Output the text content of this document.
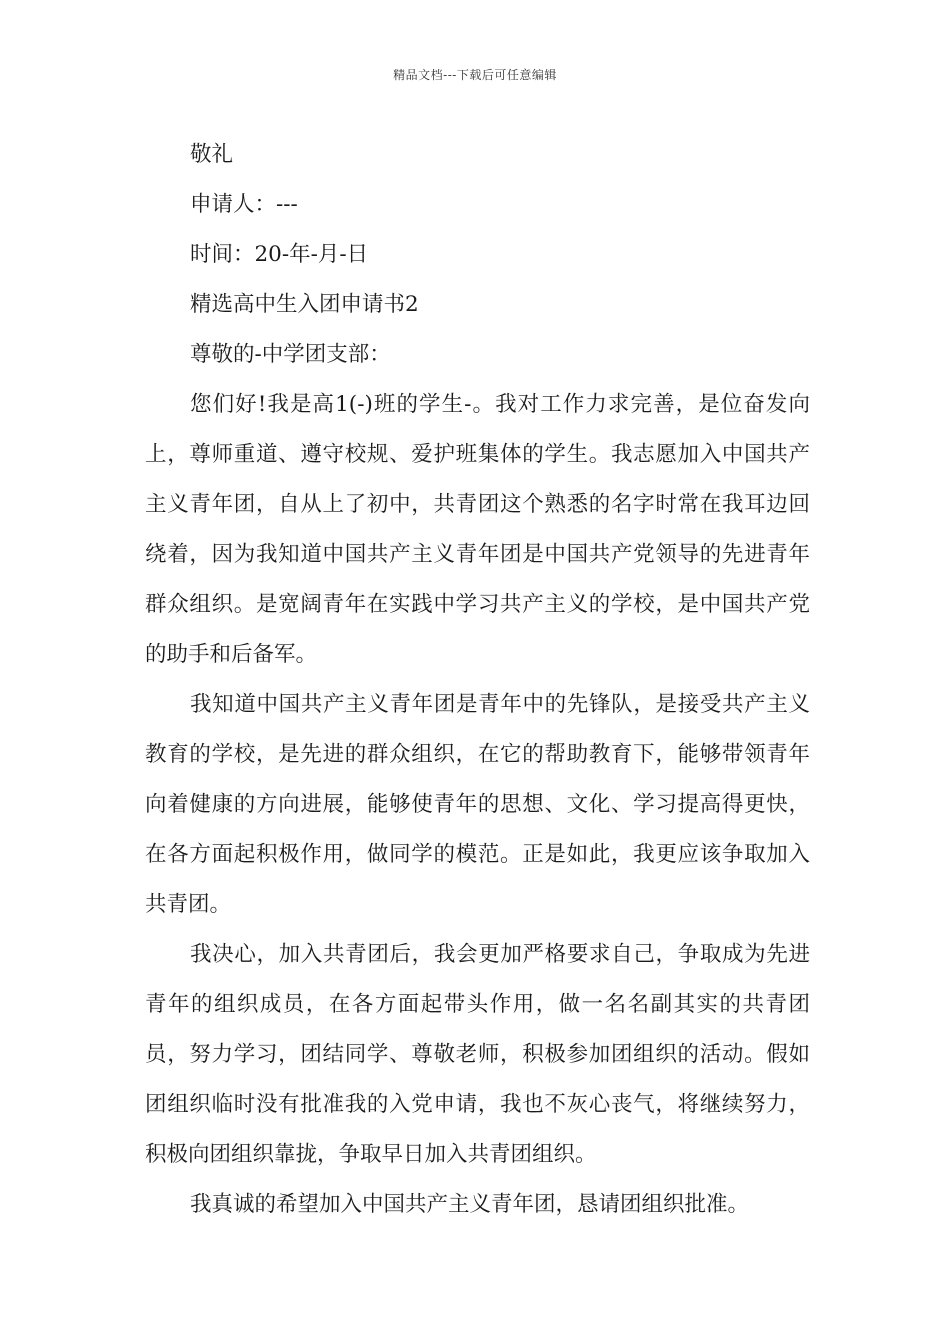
精品文档---下载后可任意编辑

敬礼

申请人：---

时间：20-年-月-日

精选高中生入团申请书2

尊敬的-中学团支部：

您们好!我是高1(-)班的学生-。我对工作力求完善，是位奋发向上，尊师重道、遵守校规、爱护班集体的学生。我志愿加入中国共产主义青年团，自从上了初中，共青团这个熟悉的名字时常在我耳边回绕着，因为我知道中国共产主义青年团是中国共产党领导的先进青年群众组织。是宽阔青年在实践中学习共产主义的学校，是中国共产党的助手和后备军。

我知道中国共产主义青年团是青年中的先锋队，是接受共产主义教育的学校，是先进的群众组织，在它的帮助教育下，能够带领青年向着健康的方向进展，能够使青年的思想、文化、学习提高得更快，在各方面起积极作用，做同学的模范。正是如此，我更应该争取加入共青团。

我决心，加入共青团后，我会更加严格要求自己，争取成为先进青年的组织成员，在各方面起带头作用，做一名名副其实的共青团员，努力学习，团结同学、尊敬老师，积极参加团组织的活动。假如团组织临时没有批准我的入党申请，我也不灰心丧气，将继续努力，积极向团组织靠拢，争取早日加入共青团组织。

我真诚的希望加入中国共产主义青年团，恳请团组织批准。
